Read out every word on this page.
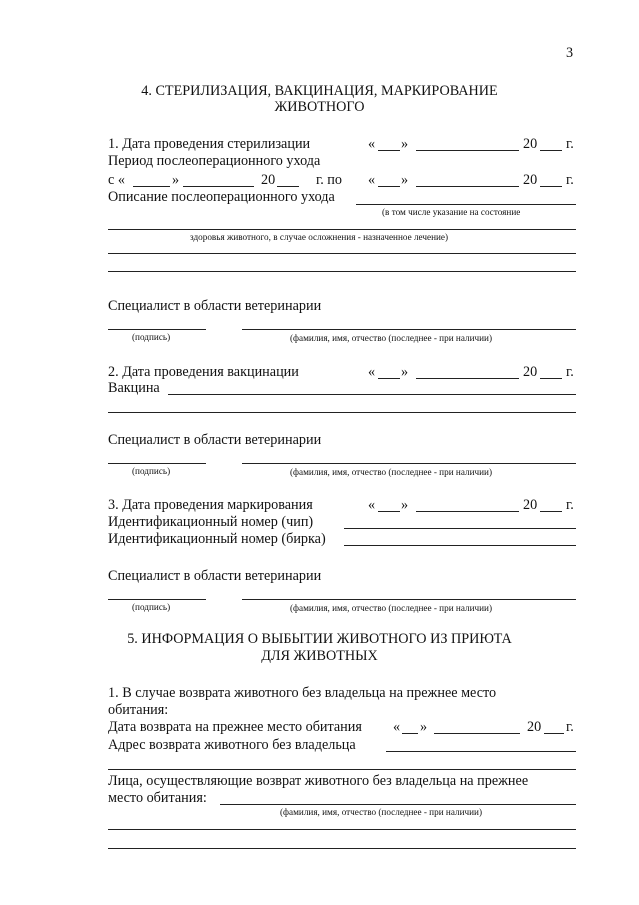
3
4. СТЕРИЛИЗАЦИЯ, ВАКЦИНАЦИЯ, МАРКИРОВАНИЕ
ЖИВОТНОГО
1. Дата проведения стерилизации	« »	20 г.
Период послеоперационного ухода
с «	»	20	г. по « »	20 г.
Описание послеоперационного ухода
(в том числе указание на состояние
здоровья животного, в случае осложнения - назначенное лечение)
Специалист в области ветеринарии
(подпись)	(фамилия, имя, отчество (последнее - при наличии)
2. Дата проведения вакцинации	« »	20 г.
Вакцина
Специалист в области ветеринарии
(подпись)	(фамилия, имя, отчество (последнее - при наличии)
3. Дата проведения маркирования	« »	20 г.
Идентификационный номер (чип)
Идентификационный номер (бирка)
Специалист в области ветеринарии
(подпись)	(фамилия, имя, отчество (последнее - при наличии)
5. ИНФОРМАЦИЯ О ВЫБЫТИИ ЖИВОТНОГО ИЗ ПРИЮТА
ДЛЯ ЖИВОТНЫХ
1. В случае возврата животного без владельца на прежнее место
обитания:
Дата возврата на прежнее место обитания « »	20 г.
Адрес возврата животного без владельца
Лица, осуществляющие возврат животного без владельца на прежнее
место обитания:
(фамилия, имя, отчество (последнее - при наличии)
